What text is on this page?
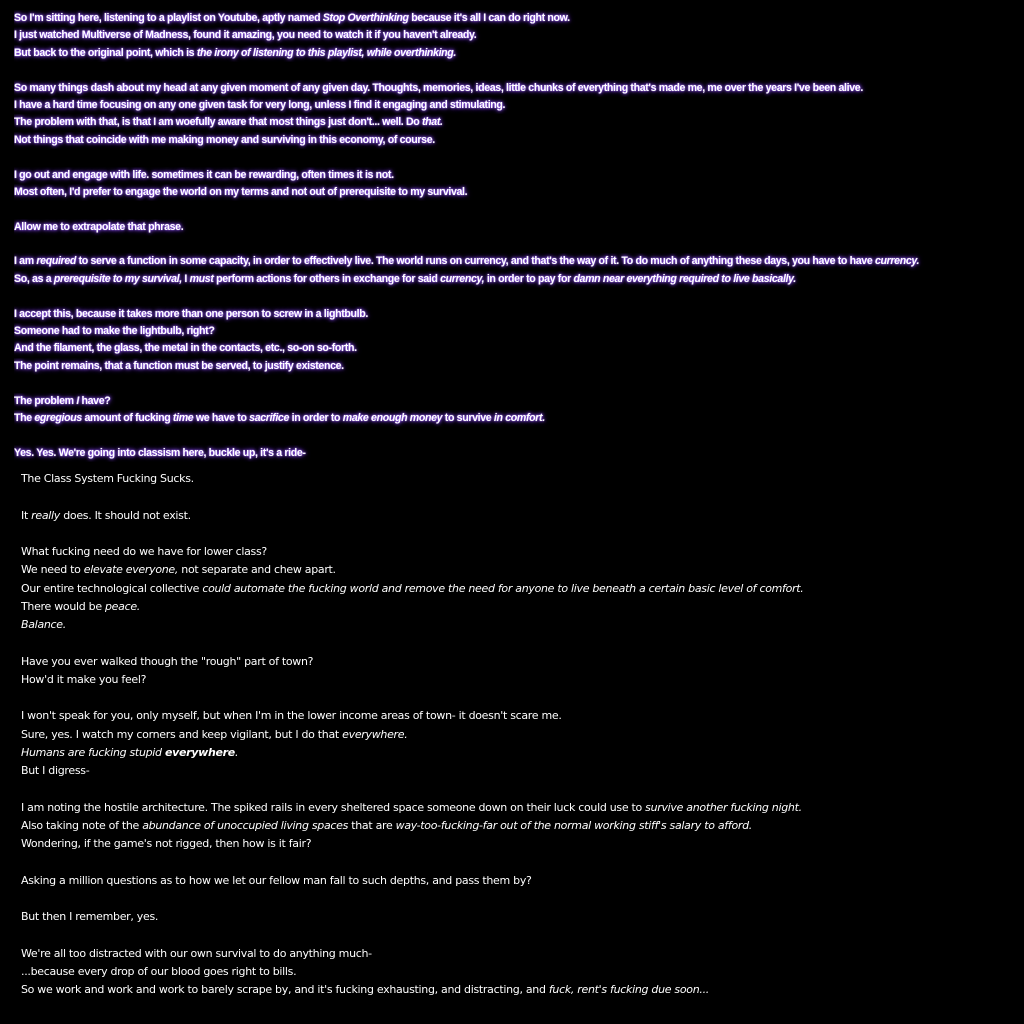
So I'm sitting here, listening to a playlist on Youtube, aptly named Stop Overthinking because it's all I can do right now.
I just watched Multiverse of Madness, found it amazing, you need to watch it if you haven't already.
But back to the original point, which is the irony of listening to this playlist, while overthinking.
So many things dash about my head at any given moment of any given day. Thoughts, memories, ideas, little chunks of everything that's made me, me over the years I've been alive.
I have a hard time focusing on any one given task for very long, unless I find it engaging and stimulating.
The problem with that, is that I am woefully aware that most things just don't... well. Do that.
Not things that coincide with me making money and surviving in this economy, of course.
I go out and engage with life. sometimes it can be rewarding, often times it is not.
Most often, I'd prefer to engage the world on my terms and not out of prerequisite to my survival.
Allow me to extrapolate that phrase.
I am required to serve a function in some capacity, in order to effectively live. The world runs on currency, and that's the way of it. To do much of anything these days, you have to have currency.
So, as a prerequisite to my survival, I must perform actions for others in exchange for said currency, in order to pay for damn near everything required to live basically.
I accept this, because it takes more than one person to screw in a lightbulb.
Someone had to make the lightbulb, right?
And the filament, the glass, the metal in the contacts, etc., so-on so-forth.
The point remains, that a function must be served, to justify existence.
The problem I have?
The egregious amount of fucking time we have to sacrifice in order to make enough money to survive in comfort.
Yes. Yes. We're going into classism here, buckle up, it's a ride-
The Class System Fucking Sucks.
It really does. It should not exist.
What fucking need do we have for lower class?
We need to elevate everyone, not separate and chew apart.
Our entire technological collective could automate the fucking world and remove the need for anyone to live beneath a certain basic level of comfort.
There would be peace.
Balance.
Have you ever walked though the "rough" part of town?
How'd it make you feel?
I won't speak for you, only myself, but when I'm in the lower income areas of town- it doesn't scare me.
Sure, yes. I watch my corners and keep vigilant, but I do that everywhere.
Humans are fucking stupid everywhere.
But I digress-
I am noting the hostile architecture. The spiked rails in every sheltered space someone down on their luck could use to survive another fucking night.
Also taking note of the abundance of unoccupied living spaces that are way-too-fucking-far out of the normal working stiff's salary to afford.
Wondering, if the game's not rigged, then how is it fair?
Asking a million questions as to how we let our fellow man fall to such depths, and pass them by?
But then I remember, yes.
We're all too distracted with our own survival to do anything much-
...because every drop of our blood goes right to bills.
So we work and work and work to barely scrape by, and it's fucking exhausting, and distracting, and fuck, rent's fucking due soon...
